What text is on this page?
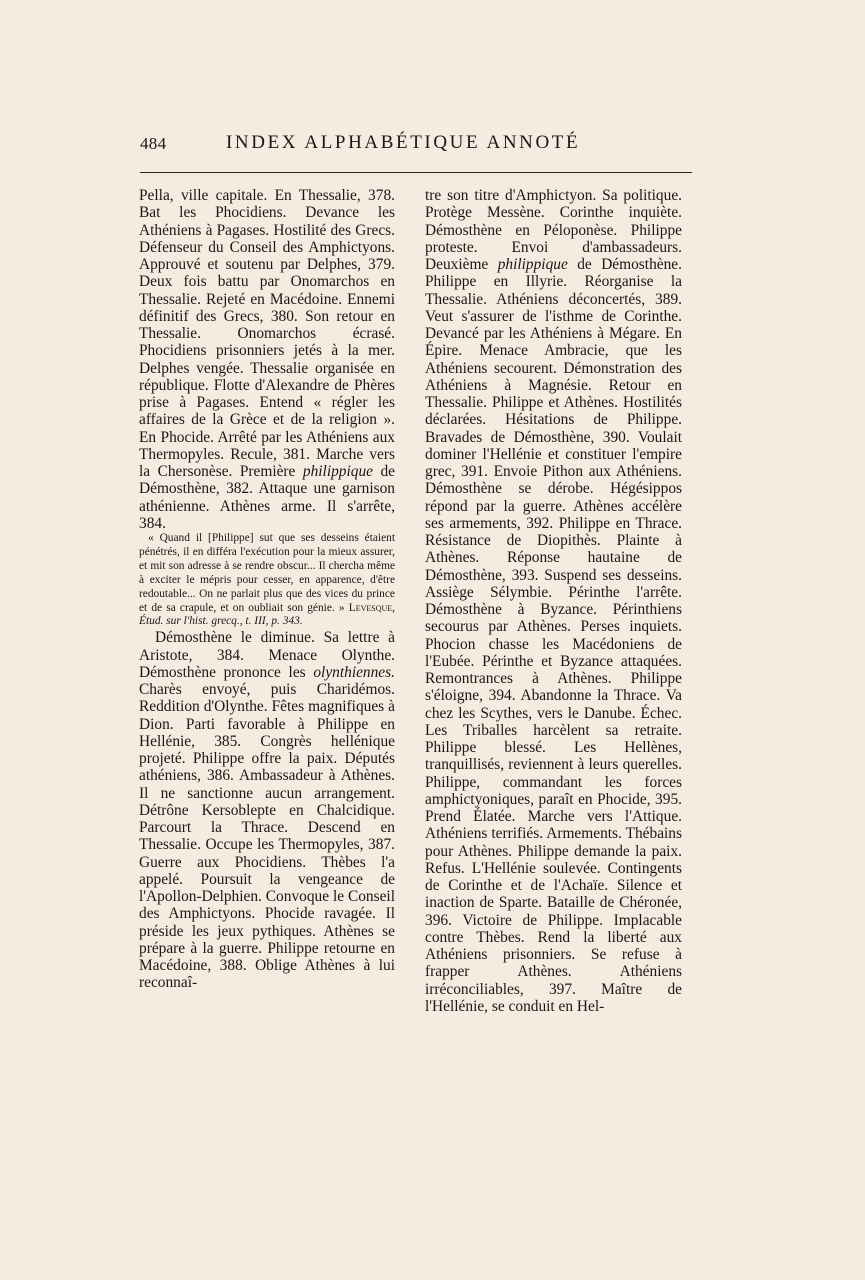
484	INDEX ALPHABÉTIQUE ANNOTÉ

Pella, ville capitale. En Thessalie, 378. Bat les Phocidiens. Devance les Athéniens à Pagases. Hostilité des Grecs. Défenseur du Conseil des Amphictyons. Approuvé et soutenu par Delphes, 379. Deux fois battu par Onomarchos en Thessalie. Rejeté en Macédoine. Ennemi définitif des Grecs, 380. Son retour en Thessalie. Onomarchos écrasé. Phocidiens prisonniers jetés à la mer. Delphes vengée. Thessalie organisée en république. Flotte d'Alexandre de Phères prise à Pagases. Entend « régler les affaires de la Grèce et de la religion ». En Phocide. Arrêté par les Athéniens aux Thermopyles. Recule, 381. Marche vers la Chersonèse. Première philippique de Démosthène, 382. Attaque une garnison athénienne. Athènes arme. Il s'arrête, 384.

« Quand il [Philippe] sut que ses desseins étaient pénétrés, il en différa l'exécution pour la mieux assurer, et mit son adresse à se rendre obscur... Il chercha même à exciter le mépris pour cesser, en apparence, d'être redoutable... On ne parlait plus que des vices du prince et de sa crapule, et on oubliait son génie. » Levesque, Étud. sur l'hist. grecq., t. III, p. 343.

Démosthène le diminue. Sa lettre à Aristote, 384. Menace Olynthe. Démosthène prononce les olynthiennes. Charès envoyé, puis Charidémos. Reddition d'Olynthe. Fêtes magnifiques à Dion. Parti favorable à Philippe en Hellénie, 385. Congrès hellénique projeté. Philippe offre la paix. Députés athéniens, 386. Ambassadeur à Athènes. Il ne sanctionne aucun arrangement. Détrône Kersoblepte en Chalcidique. Parcourt la Thrace. Descend en Thessalie. Occupe les Thermopyles, 387. Guerre aux Phocidiens. Thèbes l'a appelé. Poursuit la vengeance de l'Apollon-Delphien. Convoque le Conseil des Amphictyons. Phocide ravagée. Il préside les jeux pythiques. Athènes se prépare à la guerre. Philippe retourne en Macédoine, 388. Oblige Athènes à lui reconnaî-

tre son titre d'Amphictyon. Sa politique. Protège Messène. Corinthe inquiète. Démosthène en Péloponèse. Philippe proteste. Envoi d'ambassadeurs. Deuxième philippique de Démosthène. Philippe en Illyrie. Réorganise la Thessalie. Athéniens déconcertés, 389. Veut s'assurer de l'isthme de Corinthe. Devancé par les Athéniens à Mégare. En Épire. Menace Ambracie, que les Athéniens secourent. Démonstration des Athéniens à Magnésie. Retour en Thessalie. Philippe et Athènes. Hostilités déclarées. Hésitations de Philippe. Bravades de Démosthène, 390. Voulait dominer l'Hellénie et constituer l'empire grec, 391. Envoie Pithon aux Athéniens. Démosthène se dérobe. Hégésippos répond par la guerre. Athènes accélère ses armements, 392. Philippe en Thrace. Résistance de Diopithès. Plainte à Athènes. Réponse hautaine de Démosthène, 393. Suspend ses desseins. Assiège Sélymbie. Périnthe l'arrête. Démosthène à Byzance. Périnthiens secourus par Athènes. Perses inquiets. Phocion chasse les Macédoniens de l'Eubée. Périnthe et Byzance attaquées. Remontrances à Athènes. Philippe s'éloigne, 394. Abandonne la Thrace. Va chez les Scythes, vers le Danube. Échec. Les Triballes harcèlent sa retraite. Philippe blessé. Les Hellènes, tranquillisés, reviennent à leurs querelles. Philippe, commandant les forces amphictyoniques, paraît en Phocide, 395. Prend Élatée. Marche vers l'Attique. Athéniens terrifiés. Armements. Thébains pour Athènes. Philippe demande la paix. Refus. L'Hellénie soulevée. Contingents de Corinthe et de l'Achaïe. Silence et inaction de Sparte. Bataille de Chéronée, 396. Victoire de Philippe. Implacable contre Thèbes. Rend la liberté aux Athéniens prisonniers. Se refuse à frapper Athènes. Athéniens irréconciliables, 397. Maître de l'Hellénie, se conduit en Hel-
